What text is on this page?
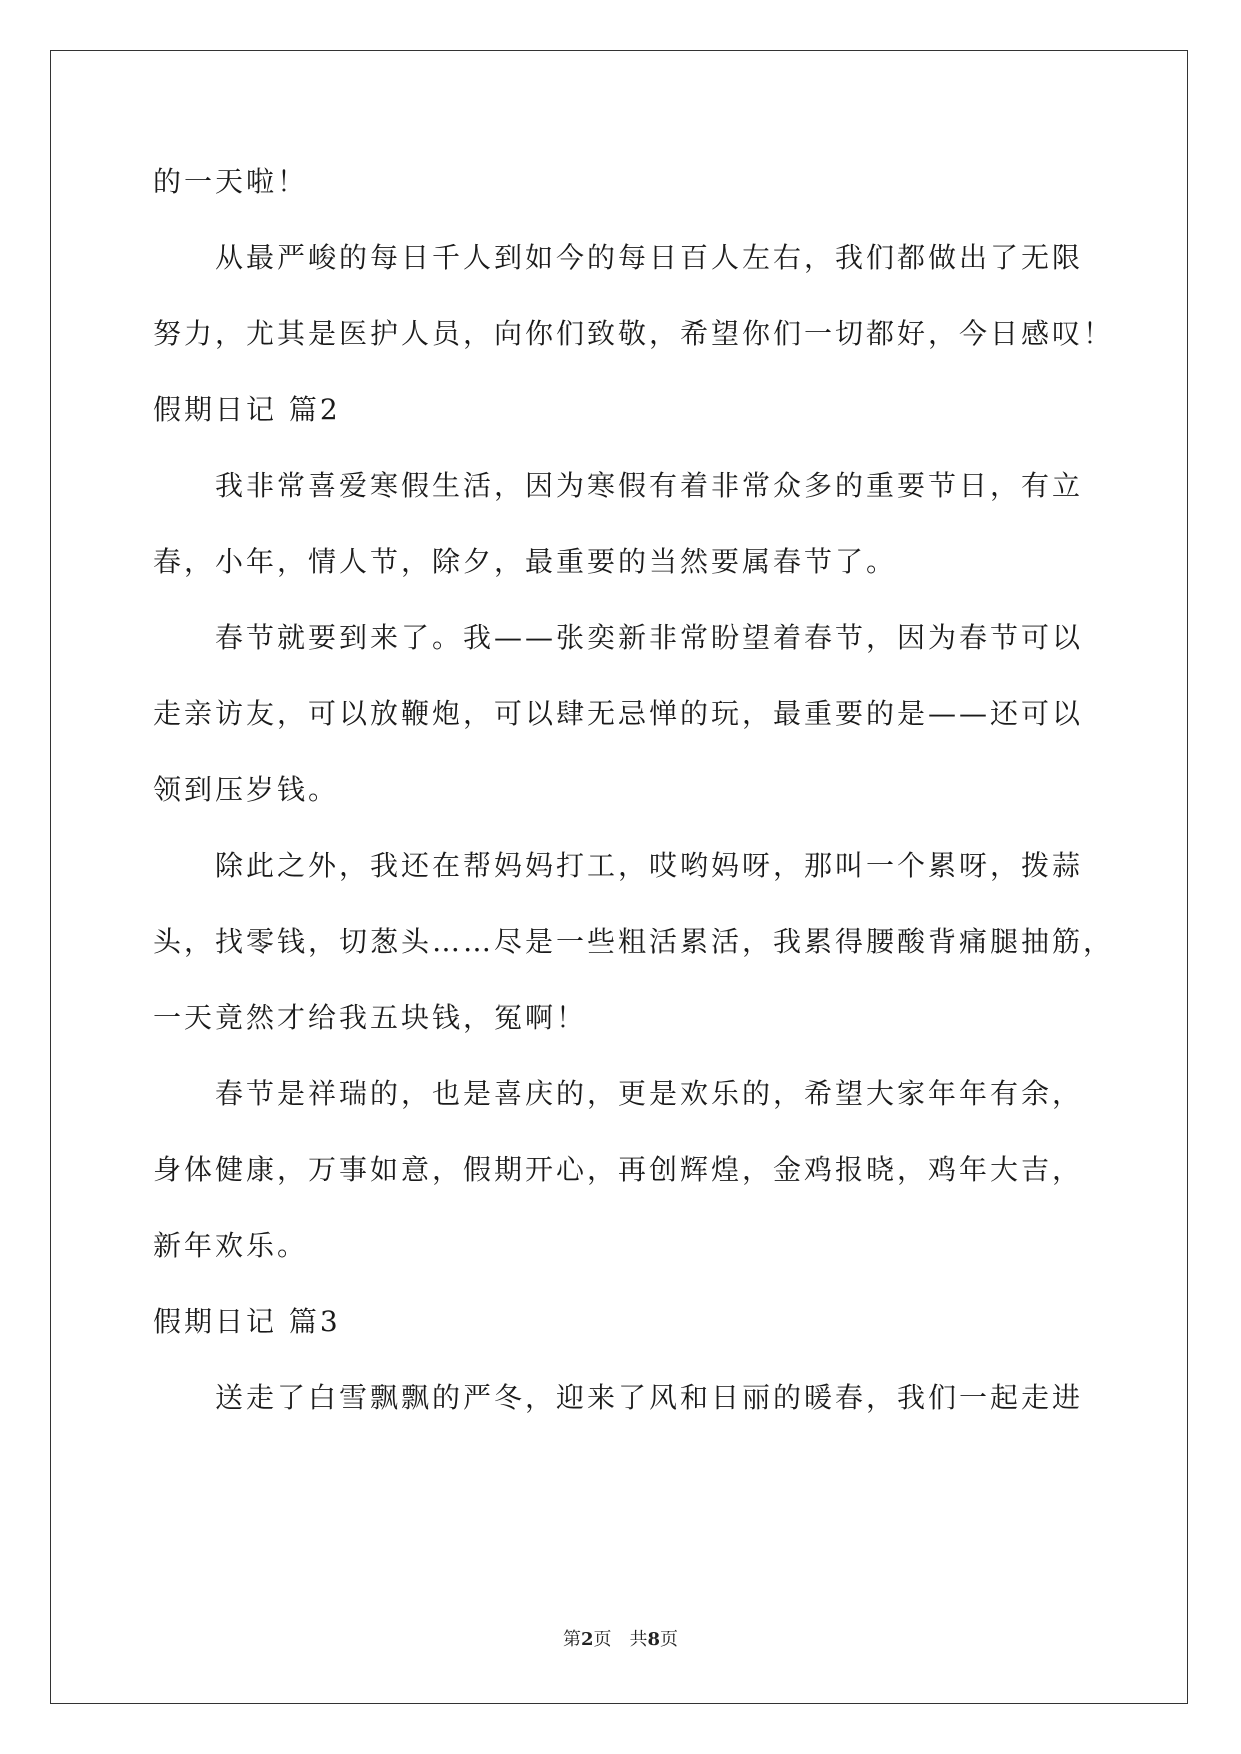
的一天啦！
从最严峻的每日千人到如今的每日百人左右，我们都做出了无限
努力，尤其是医护人员，向你们致敬，希望你们一切都好，今日感叹！
假期日记 篇2
我非常喜爱寒假生活，因为寒假有着非常众多的重要节日，有立
春，小年，情人节，除夕，最重要的当然要属春节了。
春节就要到来了。我——张奕新非常盼望着春节，因为春节可以
走亲访友，可以放鞭炮，可以肆无忌惮的玩，最重要的是——还可以
领到压岁钱。
除此之外，我还在帮妈妈打工，哎哟妈呀，那叫一个累呀，拨蒜
头，找零钱，切葱头……尽是一些粗活累活，我累得腰酸背痛腿抽筋，
一天竟然才给我五块钱，冤啊！
春节是祥瑞的，也是喜庆的，更是欢乐的，希望大家年年有余，
身体健康，万事如意，假期开心，再创辉煌，金鸡报晓，鸡年大吉，
新年欢乐。
假期日记 篇3
送走了白雪飘飘的严冬，迎来了风和日丽的暖春，我们一起走进
第2页　共8页
